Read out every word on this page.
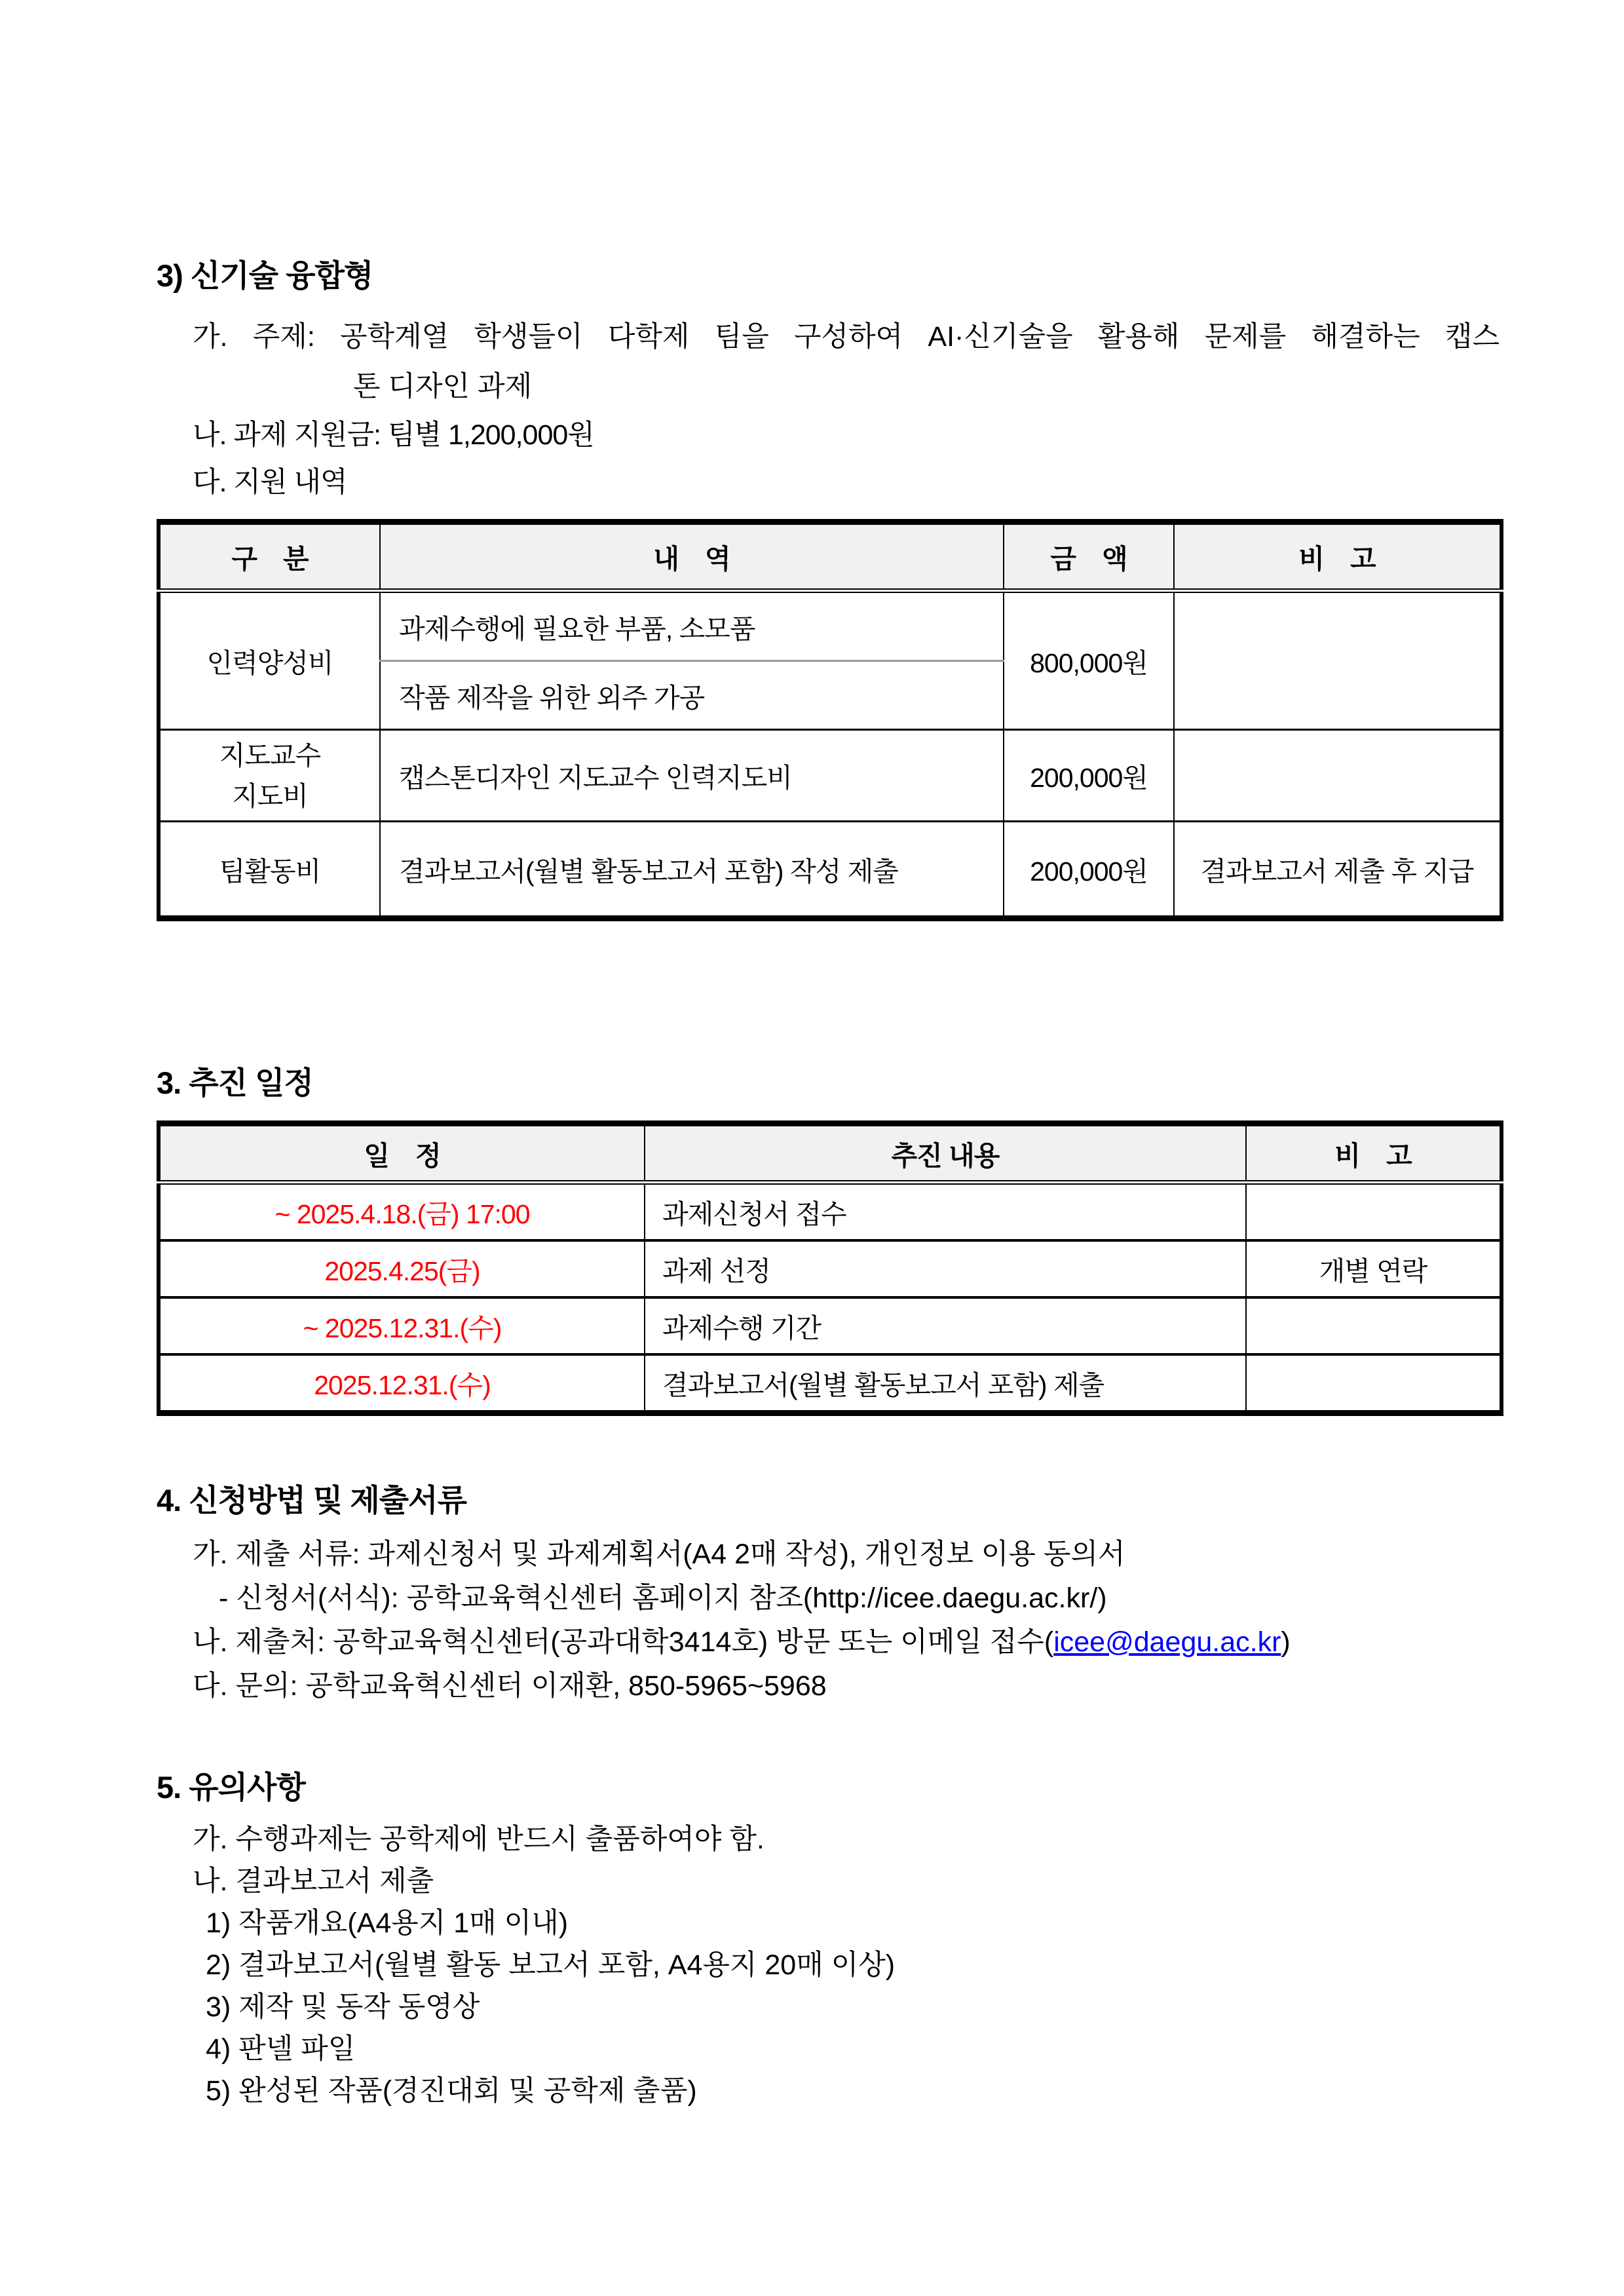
3) 신기술 융합형
가. 주제: 공학계열 학생들이 다학제 팀을 구성하여 AI·신기술을 활용해 문제를 해결하는 캡스
톤 디자인 과제
나. 과제 지원금: 팀별 1,200,000원
다. 지원 내역
구　분	내　역	금　액	비　고
인력양성비	과제수행에 필요한 부품, 소모품	800,000원	
	작품 제작을 위한 외주 가공		

지도교수
지도비	캡스톤디자인 지도교수 인력지도비	200,000원	
팀활동비	결과보고서(월별 활동보고서 포함) 작성 제출	200,000원	결과보고서 제출 후 지급
3. 추진 일정
일　정	추진 내용	비　고
~ 2025.4.18.(금) 17:00	과제신청서 접수	
2025.4.25(금)	과제 선정	개별 연락
~ 2025.12.31.(수)	과제수행 기간	
2025.12.31.(수)	결과보고서(월별 활동보고서 포함) 제출	
4. 신청방법 및 제출서류
가. 제출 서류: 과제신청서 및 과제계획서(A4 2매 작성), 개인정보 이용 동의서
- 신청서(서식): 공학교육혁신센터 홈페이지 참조(http://icee.daegu.ac.kr/)
나. 제출처: 공학교육혁신센터(공과대학3414호) 방문 또는 이메일 접수(icee@daegu.ac.kr)
다. 문의: 공학교육혁신센터 이재환, 850-5965~5968
5. 유의사항
가. 수행과제는 공학제에 반드시 출품하여야 함.
나. 결과보고서 제출
1) 작품개요(A4용지 1매 이내)
2) 결과보고서(월별 활동 보고서 포함, A4용지 20매 이상)
3) 제작 및 동작 동영상
4) 판넬 파일
5) 완성된 작품(경진대회 및 공학제 출품)
